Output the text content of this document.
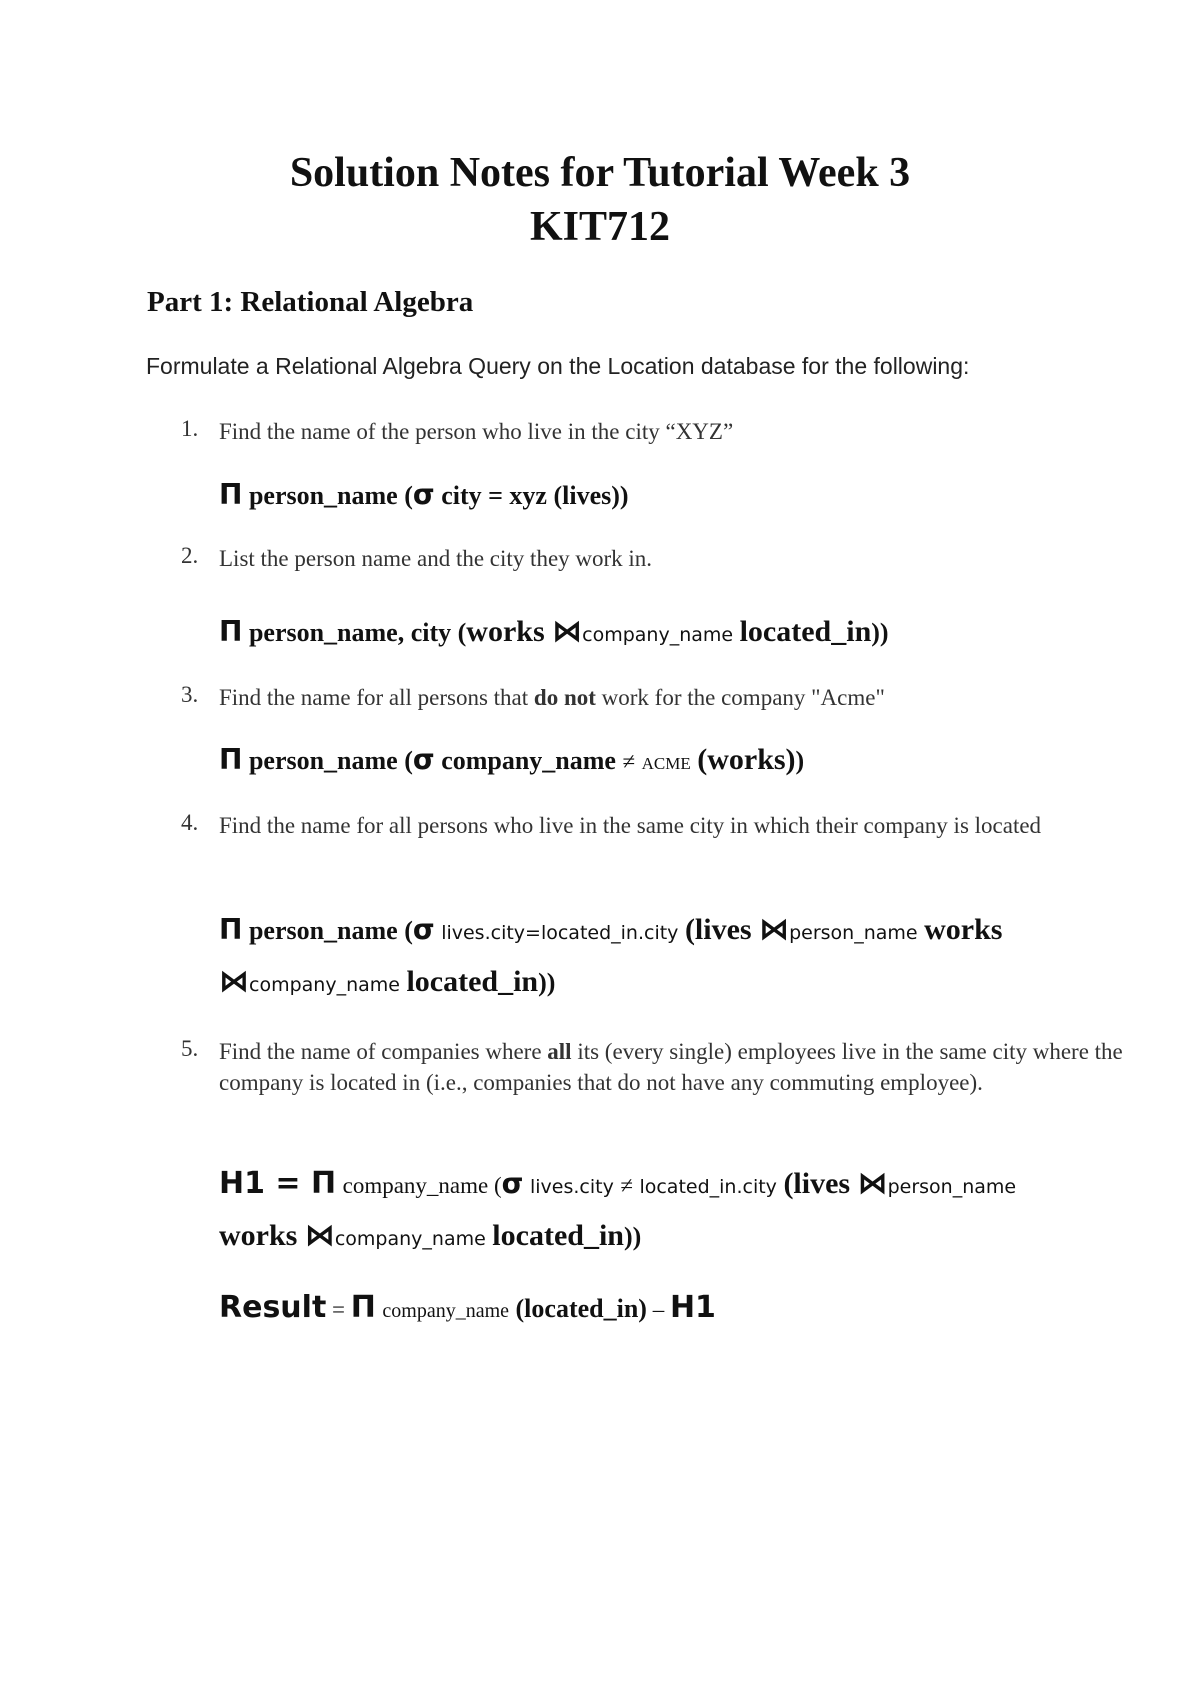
Solution Notes for Tutorial Week 3
KIT712
Part 1: Relational Algebra
Formulate a Relational Algebra Query on the Location database for the following:
1. Find the name of the person who live in the city “XYZ”
Π person_name (σ city = xyz (lives))
2. List the person name and the city they work in.
Π person_name, city (works ⋈company_name located_in))
3. Find the name for all persons that do not work for the company "Acme"
Π person_name (σ company_name ≠ ACME (works))
4. Find the name for all persons who live in the same city in which their company is located
Π person_name (σ lives.city=located_in.city (lives ⋈person_name works
⋈company_name located_in))
5. Find the name of companies where all its (every single) employees live in the same city where the company is located in (i.e., companies that do not have any commuting employee).
H1 = Π company_name (σ lives.city ≠ located_in.city (lives ⋈person_name
works ⋈company_name located_in))
Result = Π company_name (located_in) – H1
